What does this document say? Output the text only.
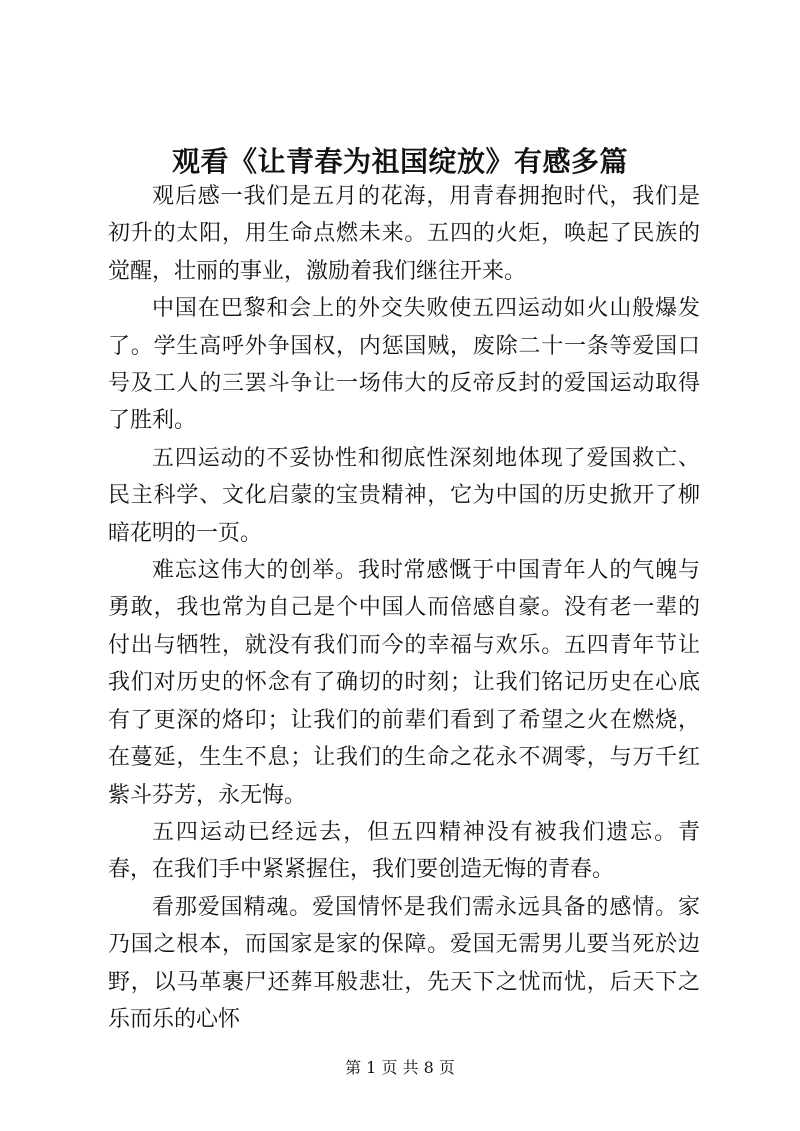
观看《让青春为祖国绽放》有感多篇

观后感一我们是五月的花海，用青春拥抱时代，我们是初升的太阳，用生命点燃未来。五四的火炬，唤起了民族的觉醒，壮丽的事业，激励着我们继往开来。

中国在巴黎和会上的外交失败使五四运动如火山般爆发了。学生高呼外争国权，内惩国贼，废除二十一条等爱国口号及工人的三罢斗争让一场伟大的反帝反封的爱国运动取得了胜利。

五四运动的不妥协性和彻底性深刻地体现了爱国救亡、民主科学、文化启蒙的宝贵精神，它为中国的历史掀开了柳暗花明的一页。

难忘这伟大的创举。我时常感慨于中国青年人的气魄与勇敢，我也常为自己是个中国人而倍感自豪。没有老一辈的付出与牺牲，就没有我们而今的幸福与欢乐。五四青年节让我们对历史的怀念有了确切的时刻；让我们铭记历史在心底有了更深的烙印；让我们的前辈们看到了希望之火在燃烧，在蔓延，生生不息；让我们的生命之花永不凋零，与万千红紫斗芬芳，永无悔。

五四运动已经远去，但五四精神没有被我们遗忘。青春，在我们手中紧紧握住，我们要创造无悔的青春。

看那爱国精魂。爱国情怀是我们需永远具备的感情。家乃国之根本，而国家是家的保障。爱国无需男儿要当死於边野，以马革裹尸还葬耳般悲壮，先天下之忧而忧，后天下之乐而乐的心怀

第 1 页 共 8 页
